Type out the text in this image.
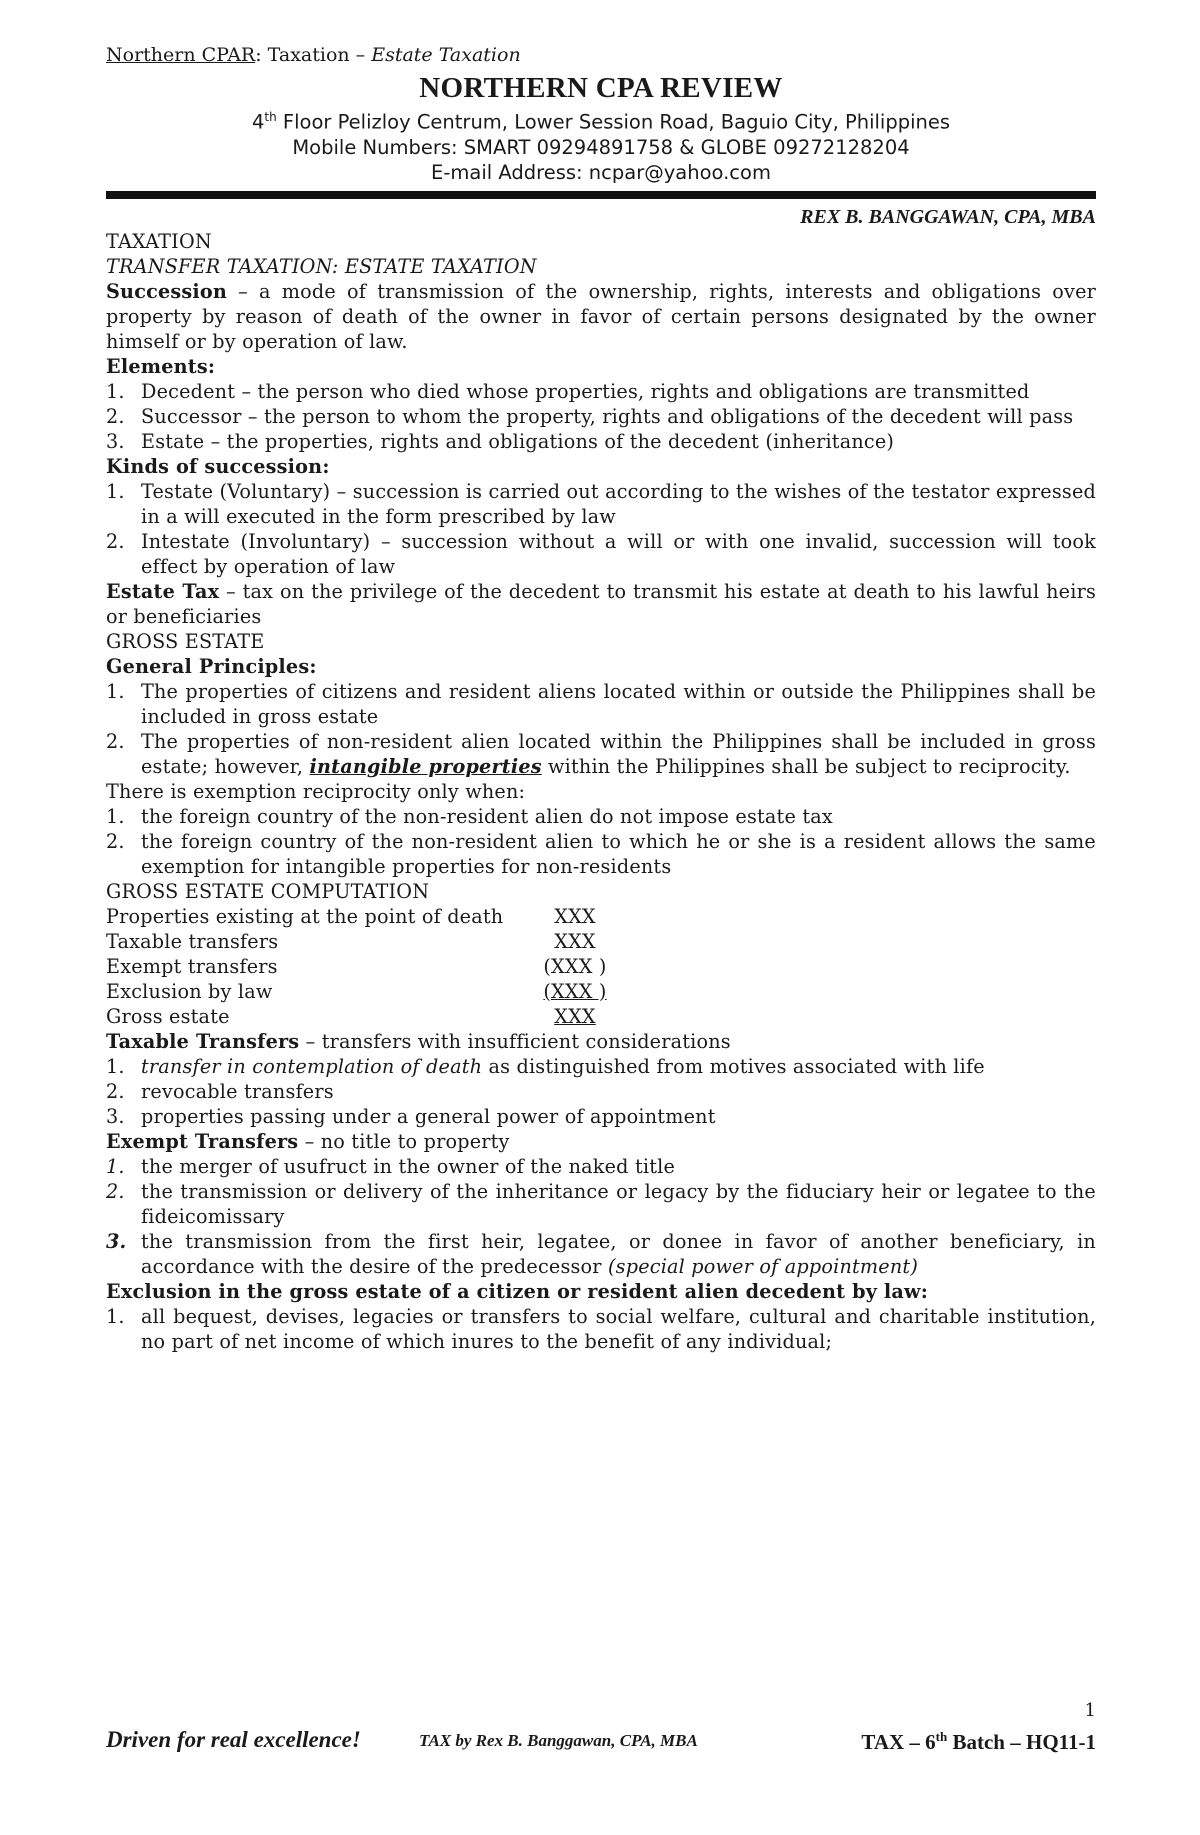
Northern CPAR: Taxation – Estate Taxation
NORTHERN CPA REVIEW
4th Floor Pelizloy Centrum, Lower Session Road, Baguio City, Philippines
Mobile Numbers: SMART 09294891758 & GLOBE 09272128204
E-mail Address: ncpar@yahoo.com
REX B. BANGGAWAN, CPA, MBA

TAXATION

TRANSFER TAXATION: ESTATE TAXATION

Succession – a mode of transmission of the ownership, rights, interests and obligations over property by reason of death of the owner in favor of certain persons designated by the owner himself or by operation of law.

Elements:

1. Decedent – the person who died whose properties, rights and obligations are transmitted
2. Successor – the person to whom the property, rights and obligations of the decedent will pass
3. Estate – the properties, rights and obligations of the decedent (inheritance)

Kinds of succession:

1. Testate (Voluntary) – succession is carried out according to the wishes of the testator expressed in a will executed in the form prescribed by law
2. Intestate (Involuntary) – succession without a will or with one invalid, succession will took effect by operation of law

Estate Tax – tax on the privilege of the decedent to transmit his estate at death to his lawful heirs or beneficiaries

GROSS ESTATE

General Principles:

1. The properties of citizens and resident aliens located within or outside the Philippines shall be included in gross estate
2. The properties of non-resident alien located within the Philippines shall be included in gross estate; however, intangible properties within the Philippines shall be subject to reciprocity.

There is exemption reciprocity only when:

1. the foreign country of the non-resident alien do not impose estate tax
2. the foreign country of the non-resident alien to which he or she is a resident allows the same exemption for intangible properties for non-residents

GROSS ESTATE COMPUTATION

Properties existing at the point of death	XXX
Taxable transfers	XXX
Exempt transfers	(XXX )
Exclusion by law	(XXX )
Gross estate	XXX

Taxable Transfers – transfers with insufficient considerations

1. transfer in contemplation of death as distinguished from motives associated with life
2. revocable transfers
3. properties passing under a general power of appointment

Exempt Transfers – no title to property

1. the merger of usufruct in the owner of the naked title
2. the transmission or delivery of the inheritance or legacy by the fiduciary heir or legatee to the fideicomissary
3. the transmission from the first heir, legatee, or donee in favor of another beneficiary, in accordance with the desire of the predecessor (special power of appointment)

Exclusion in the gross estate of a citizen or resident alien decedent by law:

1. all bequest, devises, legacies or transfers to social welfare, cultural and charitable institution, no part of net income of which inures to the benefit of any individual;
1
Driven for real excellence!	TAX by Rex B. Banggawan, CPA, MBA	TAX – 6th Batch – HQ11-1
